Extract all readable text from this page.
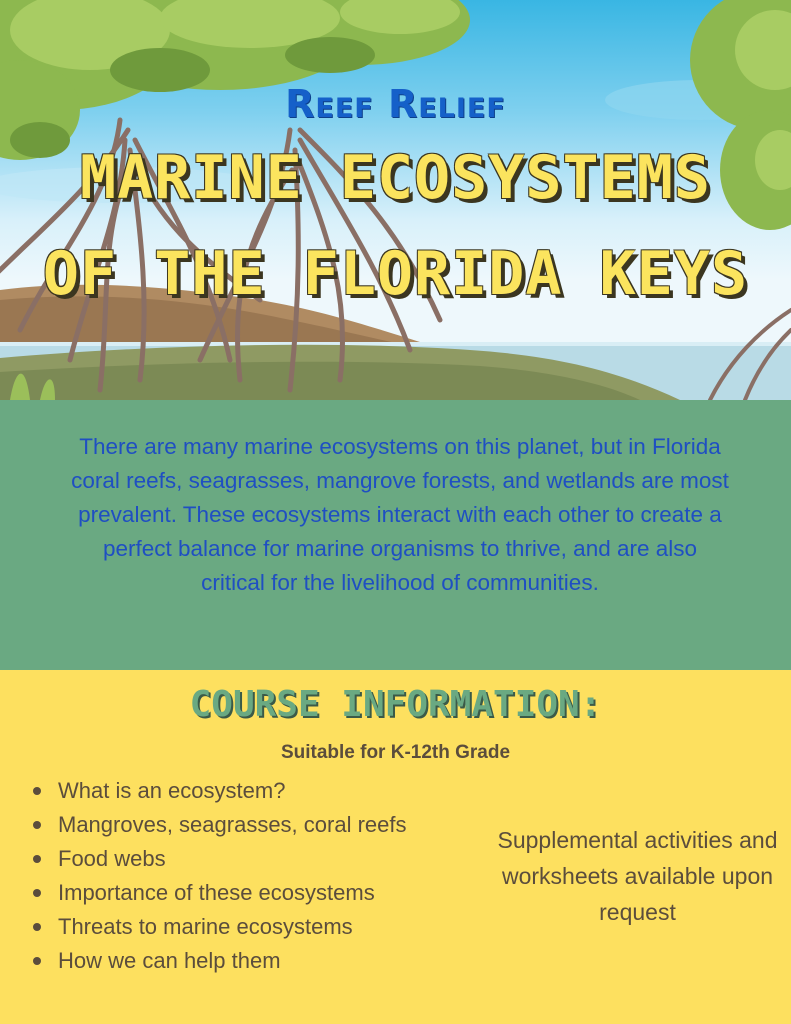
Reef Relief
MARINE ECOSYSTEMS
OF THE FLORIDA KEYS

There are many marine ecosystems on this planet, but in Florida coral reefs, seagrasses, mangrove forests, and wetlands are most prevalent. These ecosystems interact with each other to create a perfect balance for marine organisms to thrive, and are also critical for the livelihood of communities.

COURSE INFORMATION:
Suitable for K-12th Grade
What is an ecosystem?
Mangroves, seagrasses, coral reefs
Food webs
Importance of these ecosystems
Threats to marine ecosystems
How we can help them
Supplemental activities and worksheets available upon request
